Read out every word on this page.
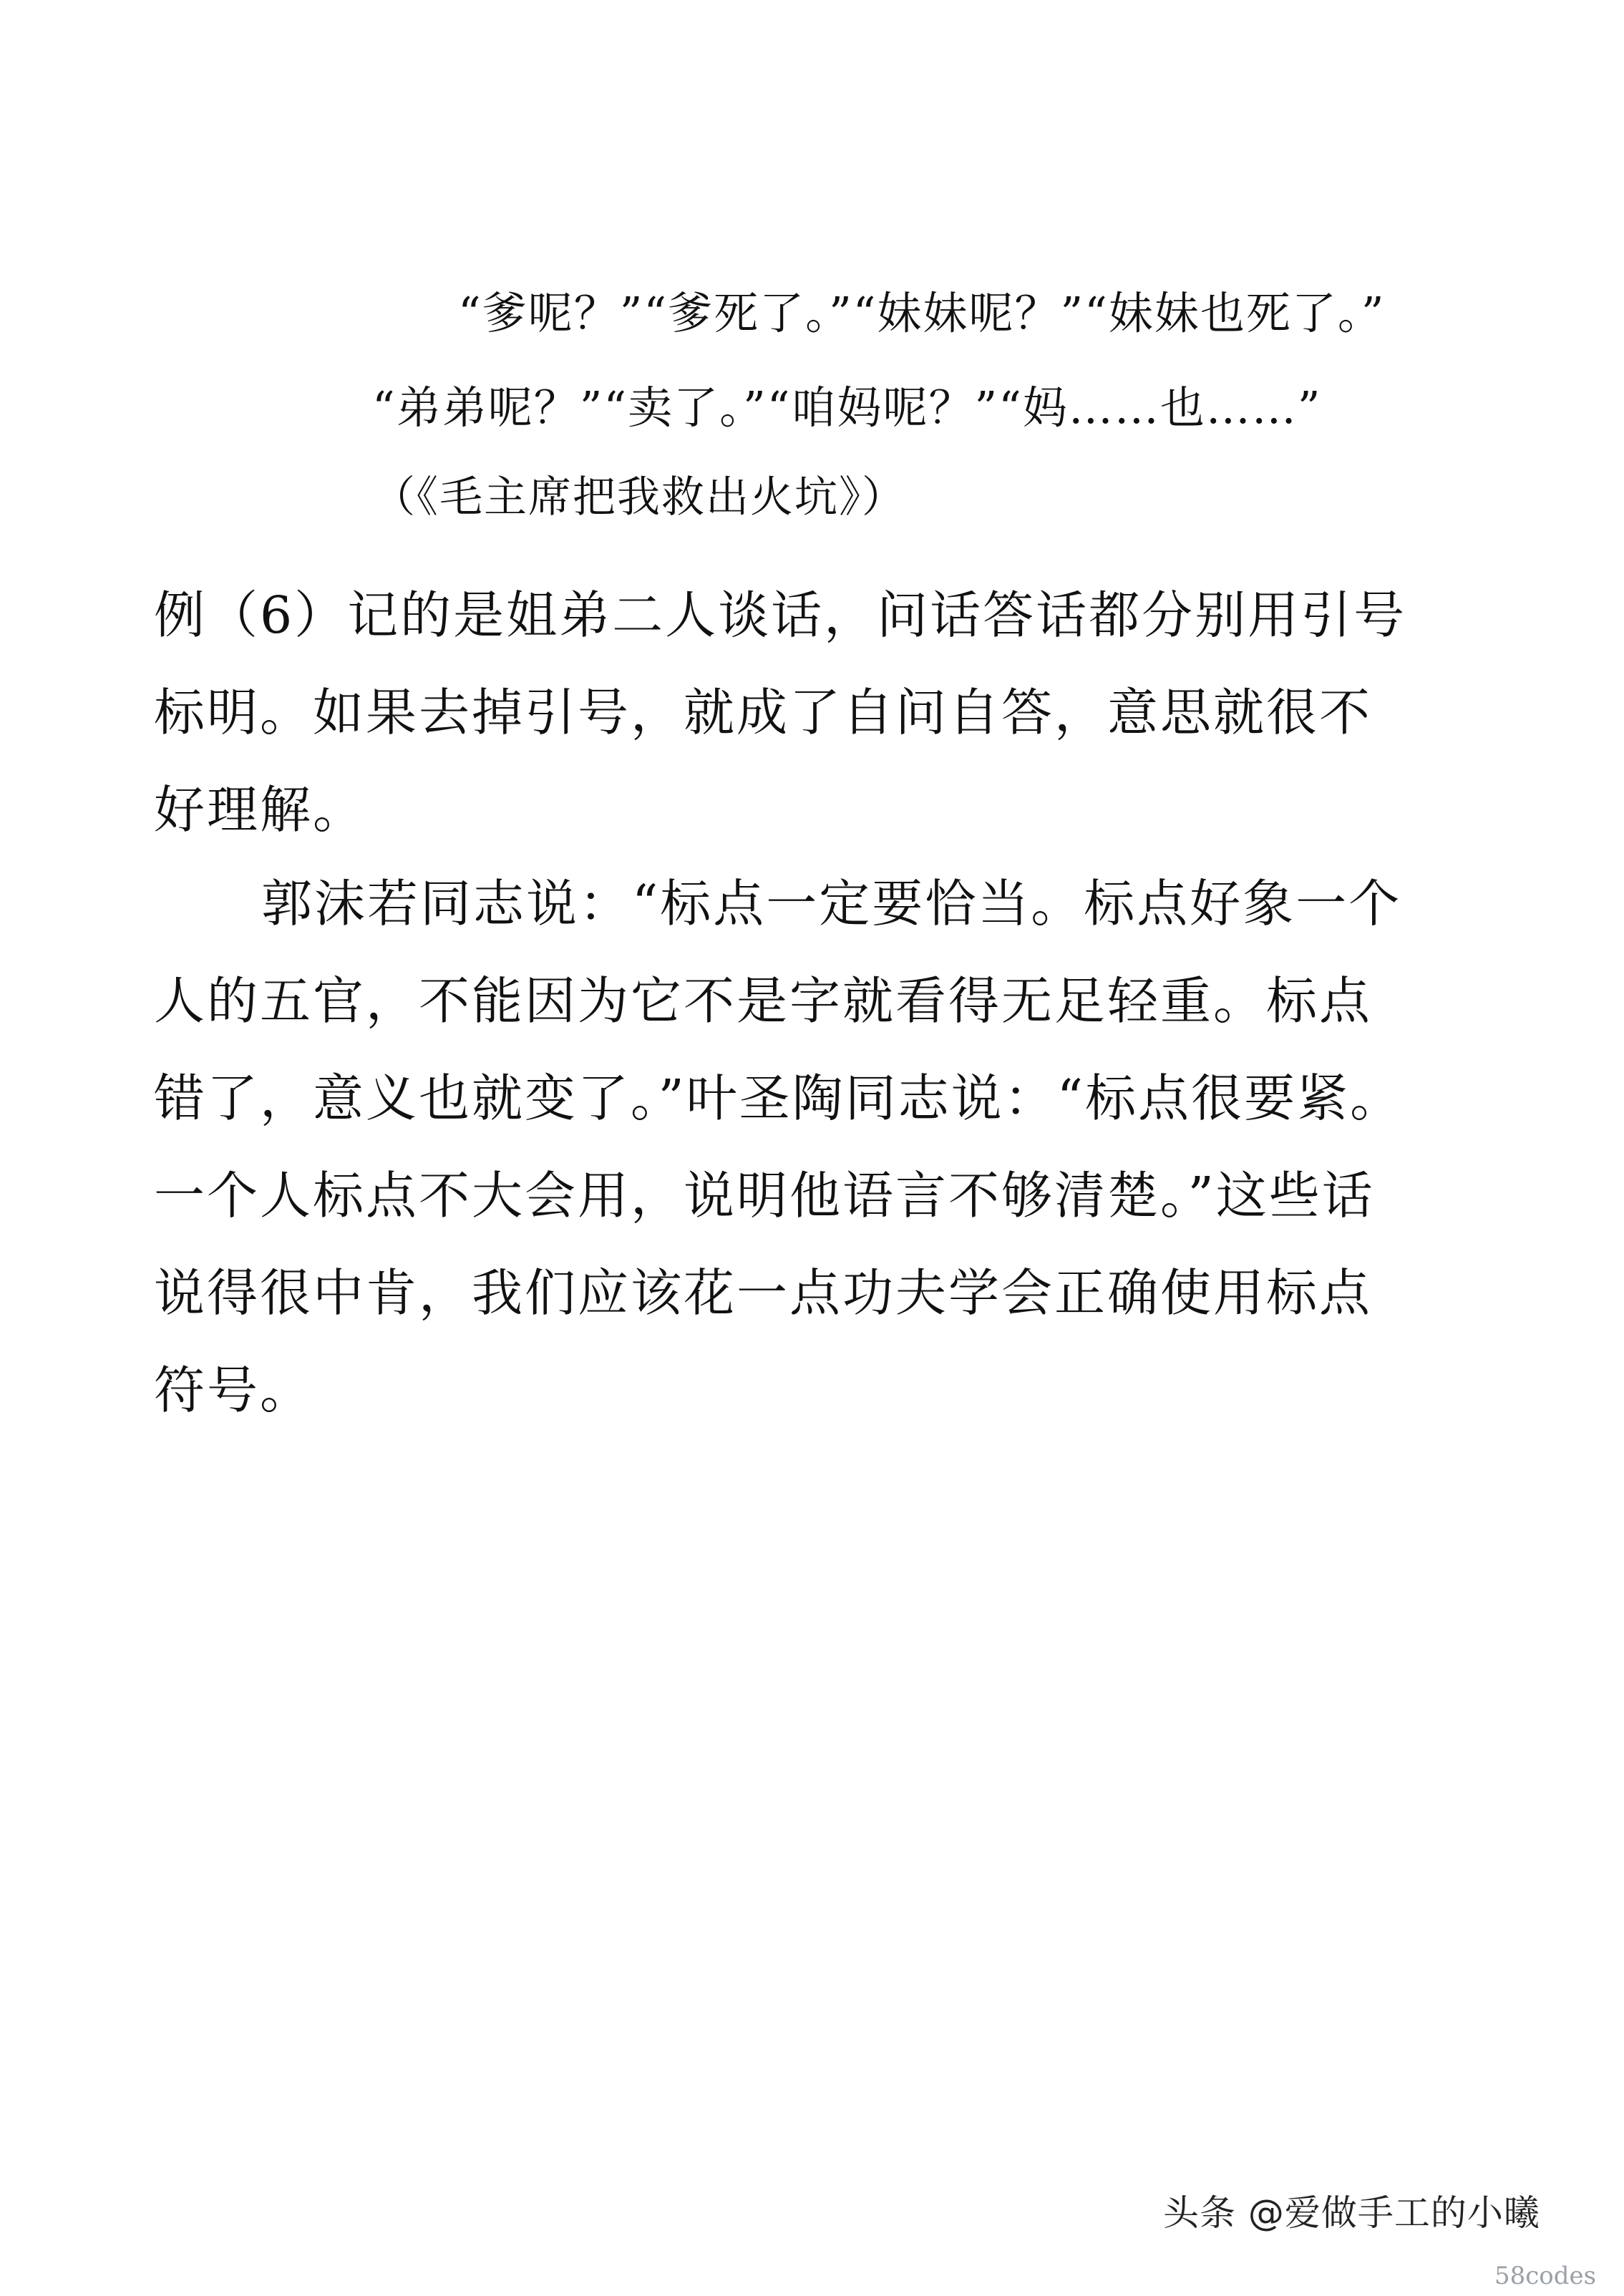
“爹呢？”“爹死了。”“妹妹呢？”“妹妹也死了。”
“弟弟呢？”“卖了。”“咱妈呢？”“妈……也……”
（《毛主席把我救出火坑》）
例（6）记的是姐弟二人谈话，问话答话都分别用引号
标明。如果去掉引号，就成了自问自答，意思就很不
好理解。
郭沫若同志说：“标点一定要恰当。标点好象一个
人的五官，不能因为它不是字就看得无足轻重。标点
错了，意义也就变了。”叶圣陶同志说：“标点很要紧。
一个人标点不大会用，说明他语言不够清楚。”这些话
说得很中肯，我们应该花一点功夫学会正确使用标点
符号。
头条 @爱做手工的小曦
58codes
